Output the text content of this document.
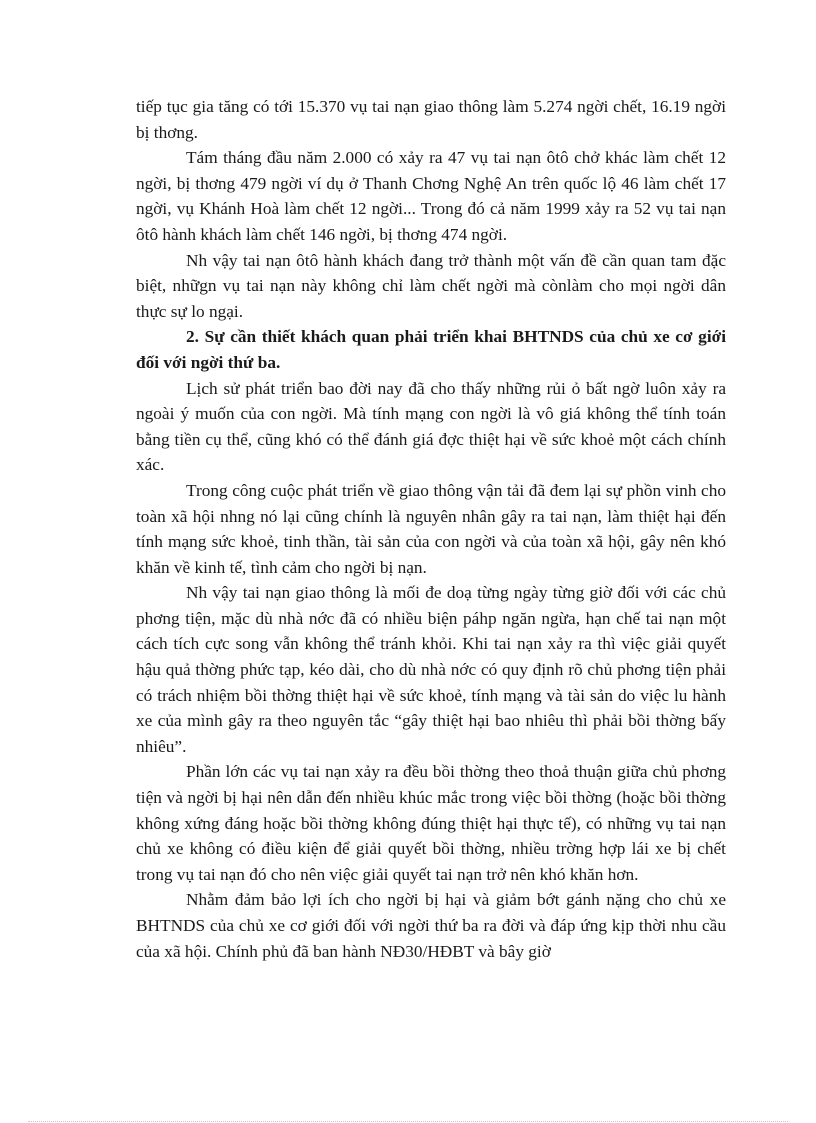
tiếp tục gia tăng có tới 15.370 vụ tai nạn giao thông làm 5.274 ngời chết, 16.19 ngời bị thơng.

Tám tháng đầu năm 2.000 có xảy ra 47 vụ tai nạn ôtô chở khác làm chết 12 ngời, bị thơng 479 ngời ví dụ ở Thanh Chơng Nghệ An trên quốc lộ 46 làm chết 17 ngời, vụ Khánh Hoà làm chết 12 ngời... Trong đó cả năm 1999 xảy ra 52 vụ tai nạn ôtô hành khách làm chết 146 ngời, bị thơng 474 ngời.

Nh vậy tai nạn ôtô hành khách đang trở thành một vấn đề cần quan tam đặc biệt, nhữgn vụ tai nạn này không chỉ làm chết ngời mà cònlàm cho mọi ngời dân thực sự lo ngại.

2. Sự cần thiết khách quan phải triển khai BHTNDS của chủ xe cơ giới đối với ngời thứ ba.

Lịch sử phát triển bao đời nay đã cho thấy những rủi ỏ bất ngờ luôn xảy ra ngoài ý muốn của con ngời. Mà tính mạng con ngời là vô giá không thể tính toán bằng tiền cụ thể, cũng khó có thể đánh giá đợc thiệt hại về sức khoẻ một cách chính xác.

Trong công cuộc phát triển về giao thông vận tải đã đem lại sự phồn vinh cho toàn xã hội nhng nó lại cũng chính là nguyên nhân gây ra tai nạn, làm thiệt hại đến tính mạng sức khoẻ, tinh thần, tài sản của con ngời và của toàn xã hội, gây nên khó khăn về kinh tế, tình cảm cho ngời bị nạn.

Nh vậy tai nạn giao thông là mối đe doạ từng ngày từng giờ đối với các chủ phơng tiện, mặc dù nhà nớc đã có nhiều biện páhp ngăn ngừa, hạn chế tai nạn một cách tích cực song vẫn không thể tránh khỏi. Khi tai nạn xảy ra thì việc giải quyết hậu quả thờng phức tạp, kéo dài, cho dù nhà nớc có quy định rõ chủ phơng tiện phải có trách nhiệm bồi thờng thiệt hại về sức khoẻ, tính mạng và tài sản do việc lu hành xe của mình gây ra theo nguyên tắc “gây thiệt hại bao nhiêu thì phải bồi thờng bấy nhiêu”.

Phần lớn các vụ tai nạn xảy ra đều bồi thờng theo thoả thuận giữa chủ phơng tiện và ngời bị hại nên dẫn đến nhiều khúc mắc trong việc bồi thờng (hoặc bồi thờng không xứng đáng hoặc bồi thờng không đúng thiệt hại thực tế), có những vụ tai nạn chủ xe không có điều kiện để giải quyết bồi thờng, nhiều trờng hợp lái xe bị chết trong vụ tai nạn đó cho nên việc giải quyết tai nạn trở nên khó khăn hơn.

Nhằm đảm bảo lợi ích cho ngời bị hại và giảm bớt gánh nặng cho chủ xe BHTNDS của chủ xe cơ giới đối với ngời thứ ba ra đời và đáp ứng kịp thời nhu cầu của xã hội. Chính phủ đã ban hành NĐ30/HĐBT và bây giờ
